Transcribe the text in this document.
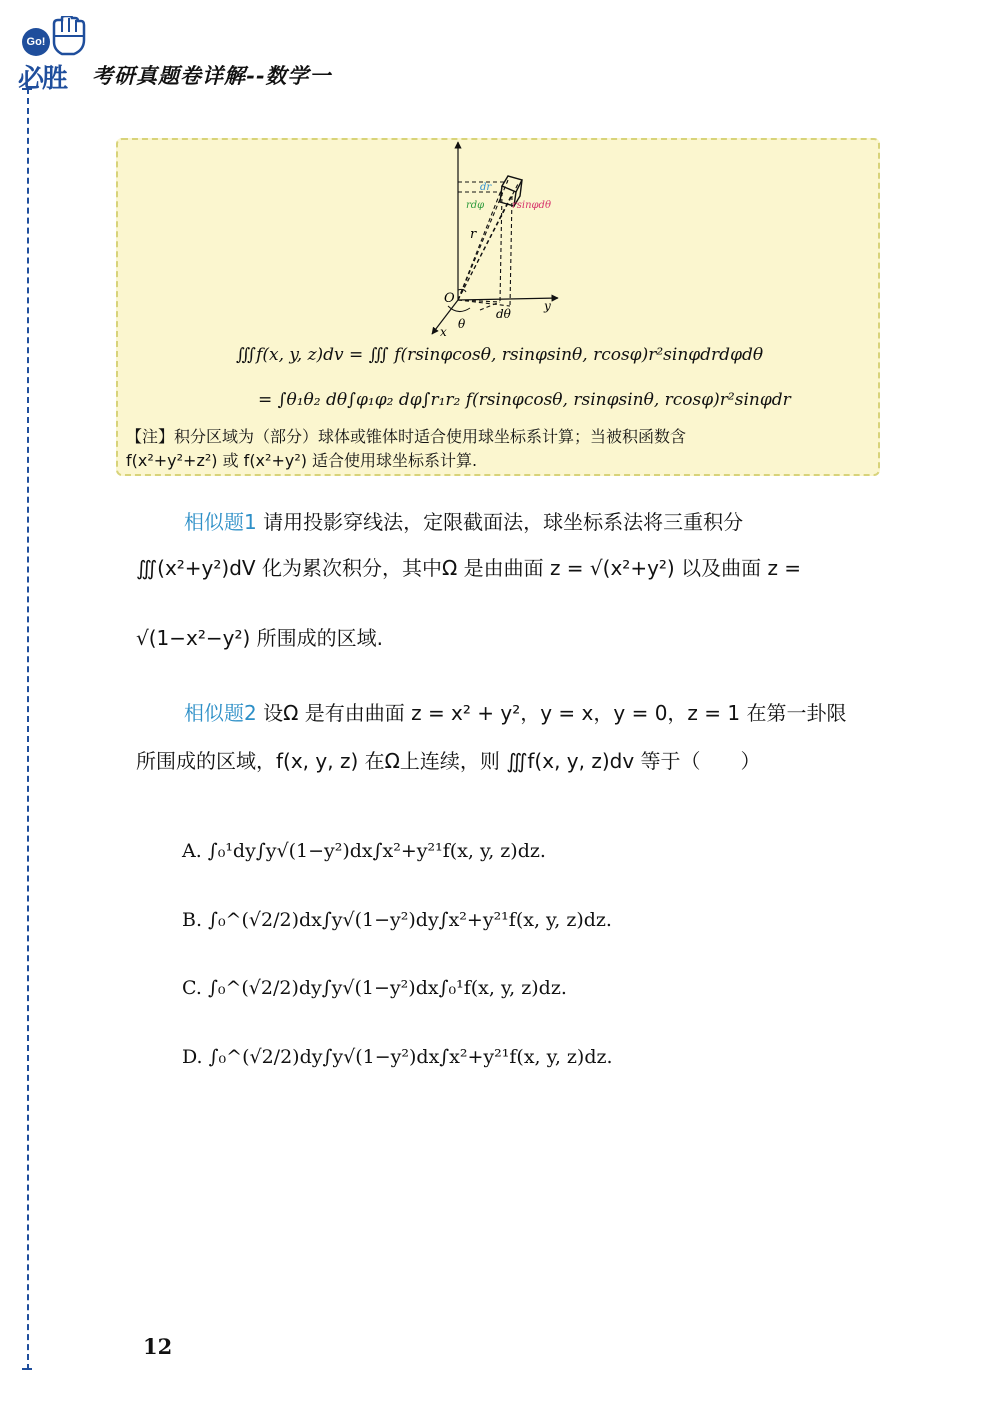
Go!
必胜 考研真题卷详解--数学一
O	y
x
r
θ
dθ
dr
rdφ	rsinφdθ
∭f(x, y, z)dv = ∭ f(rsinφcosθ, rsinφsinθ, rcosφ)r²sinφdrdφdθ
= ∫θ₁θ₂ dθ∫φ₁φ₂ dφ∫r₁r₂ f(rsinφcosθ, rsinφsinθ, rcosφ)r²sinφdr
【注】积分区域为（部分）球体或锥体时适合使用球坐标系计算；当被积函数含
f(x²+y²+z²) 或 f(x²+y²) 适合使用球坐标系计算.
相似题1 请用投影穿线法，定限截面法，球坐标系法将三重积分
∭(x²+y²)dV 化为累次积分，其中Ω 是由曲面 z = √(x²+y²) 以及曲面 z =
√(1−x²−y²) 所围成的区域.
相似题2 设Ω 是有由曲面 z = x² + y²，y = x，y = 0，z = 1 在第一卦限
所围成的区域，f(x, y, z) 在Ω上连续，则 ∭f(x, y, z)dv 等于（　　）
A. ∫₀¹dy∫y√(1−y²)dx∫x²+y²¹f(x, y, z)dz.
B. ∫₀^(√2/2)dx∫y√(1−y²)dy∫x²+y²¹f(x, y, z)dz.
C. ∫₀^(√2/2)dy∫y√(1−y²)dx∫₀¹f(x, y, z)dz.
D. ∫₀^(√2/2)dy∫y√(1−y²)dx∫x²+y²¹f(x, y, z)dz.
12
